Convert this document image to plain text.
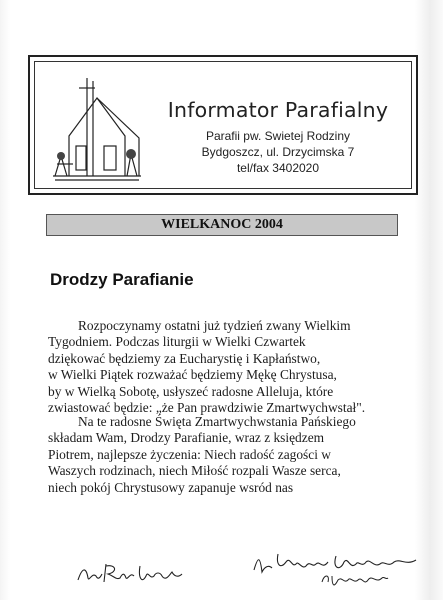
Informator Parafialny
Parafii pw. Swietej Rodziny
Bydgoszcz, ul. Drzycimska 7
tel/fax 3402020
WIELKANOC 2004
Drodzy Parafianie
Rozpoczynamy ostatni już tydzień zwany Wielkim
Tygodniem. Podczas liturgii w Wielki Czwartek
dziękować będziemy za Eucharystię i Kapłaństwo,
w Wielki Piątek rozważać będziemy Mękę Chrystusa,
by w Wielką Sobotę, usłyszeć radosne Alleluja, które
zwiastować będzie: „że Pan prawdziwie Zmartwychwstał".
Na te radosne Święta Zmartwychwstania Pańskiego
składam Wam, Drodzy Parafianie, wraz z księdzem
Piotrem, najlepsze życzenia: Niech radość zagości w
Waszych rodzinach, niech Miłość rozpali Wasze serca,
niech pokój Chrystusowy zapanuje wsród nas
